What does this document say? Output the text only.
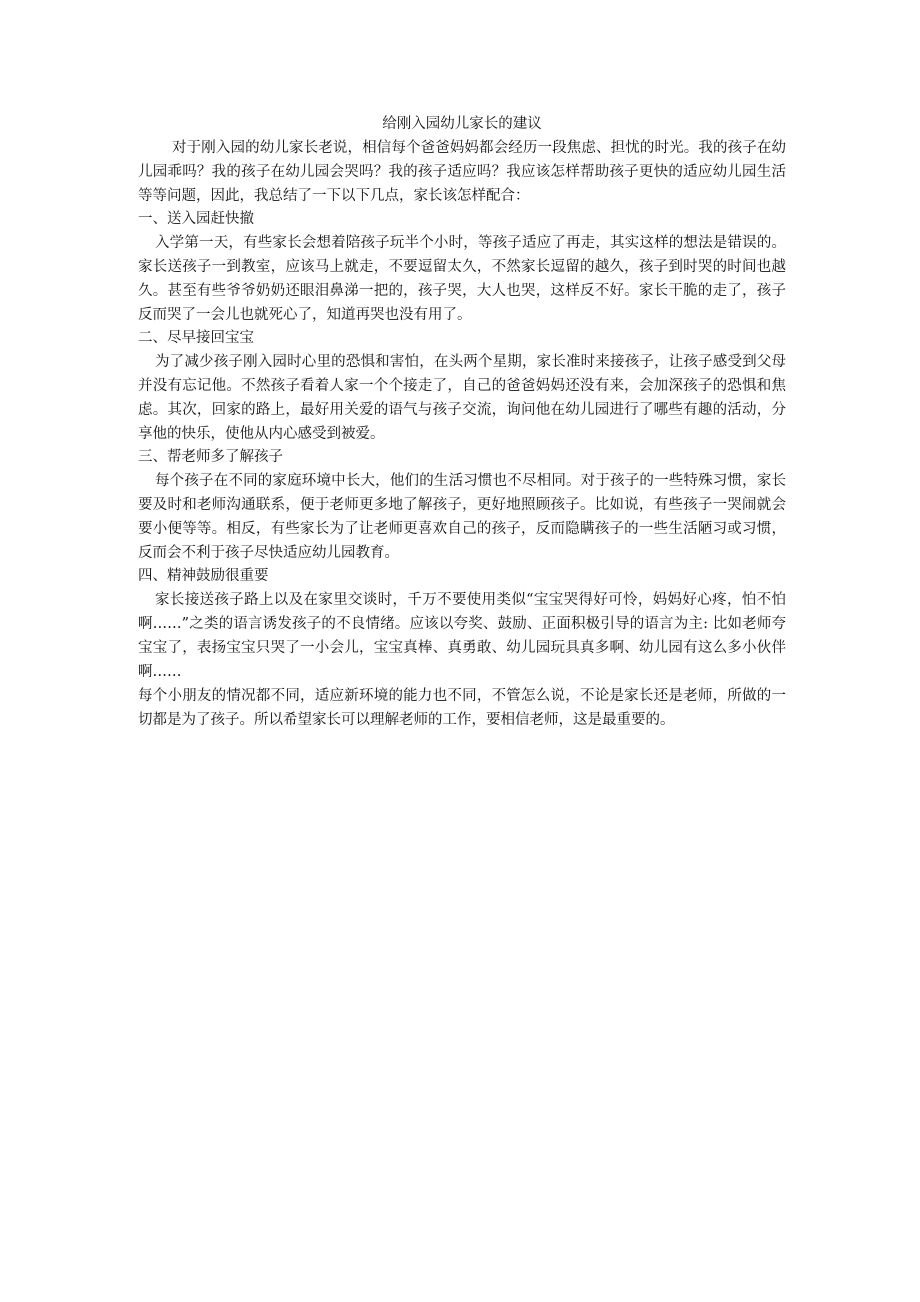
给刚入园幼儿家长的建议

对于刚入园的幼儿家长老说，相信每个爸爸妈妈都会经历一段焦虑、担忧的时光。我的孩子在幼儿园乖吗？我的孩子在幼儿园会哭吗？我的孩子适应吗？我应该怎样帮助孩子更快的适应幼儿园生活等等问题，因此，我总结了一下以下几点，家长该怎样配合：

一、送入园赶快撤

入学第一天，有些家长会想着陪孩子玩半个小时，等孩子适应了再走，其实这样的想法是错误的。家长送孩子一到教室，应该马上就走，不要逗留太久，不然家长逗留的越久，孩子到时哭的时间也越久。甚至有些爷爷奶奶还眼泪鼻涕一把的，孩子哭，大人也哭，这样反不好。家长干脆的走了，孩子反而哭了一会儿也就死心了，知道再哭也没有用了。

二、尽早接回宝宝

为了减少孩子刚入园时心里的恐惧和害怕，在头两个星期，家长准时来接孩子，让孩子感受到父母并没有忘记他。不然孩子看着人家一个个接走了，自己的爸爸妈妈还没有来，会加深孩子的恐惧和焦虑。其次，回家的路上，最好用关爱的语气与孩子交流，询问他在幼儿园进行了哪些有趣的活动，分享他的快乐，使他从内心感受到被爱。

三、帮老师多了解孩子

每个孩子在不同的家庭环境中长大，他们的生活习惯也不尽相同。对于孩子的一些特殊习惯，家长要及时和老师沟通联系，便于老师更多地了解孩子，更好地照顾孩子。比如说，有些孩子一哭闹就会要小便等等。相反，有些家长为了让老师更喜欢自己的孩子，反而隐瞒孩子的一些生活陋习或习惯，反而会不利于孩子尽快适应幼儿园教育。

四、精神鼓励很重要

家长接送孩子路上以及在家里交谈时，千万不要使用类似“宝宝哭得好可怜，妈妈好心疼，怕不怕啊……”之类的语言诱发孩子的不良情绪。应该以夸奖、鼓励、正面积极引导的语言为主: 比如老师夸宝宝了，表扬宝宝只哭了一小会儿，宝宝真棒、真勇敢、幼儿园玩具真多啊、幼儿园有这么多小伙伴啊……

每个小朋友的情况都不同，适应新环境的能力也不同，不管怎么说，不论是家长还是老师，所做的一切都是为了孩子。所以希望家长可以理解老师的工作，要相信老师，这是最重要的。
